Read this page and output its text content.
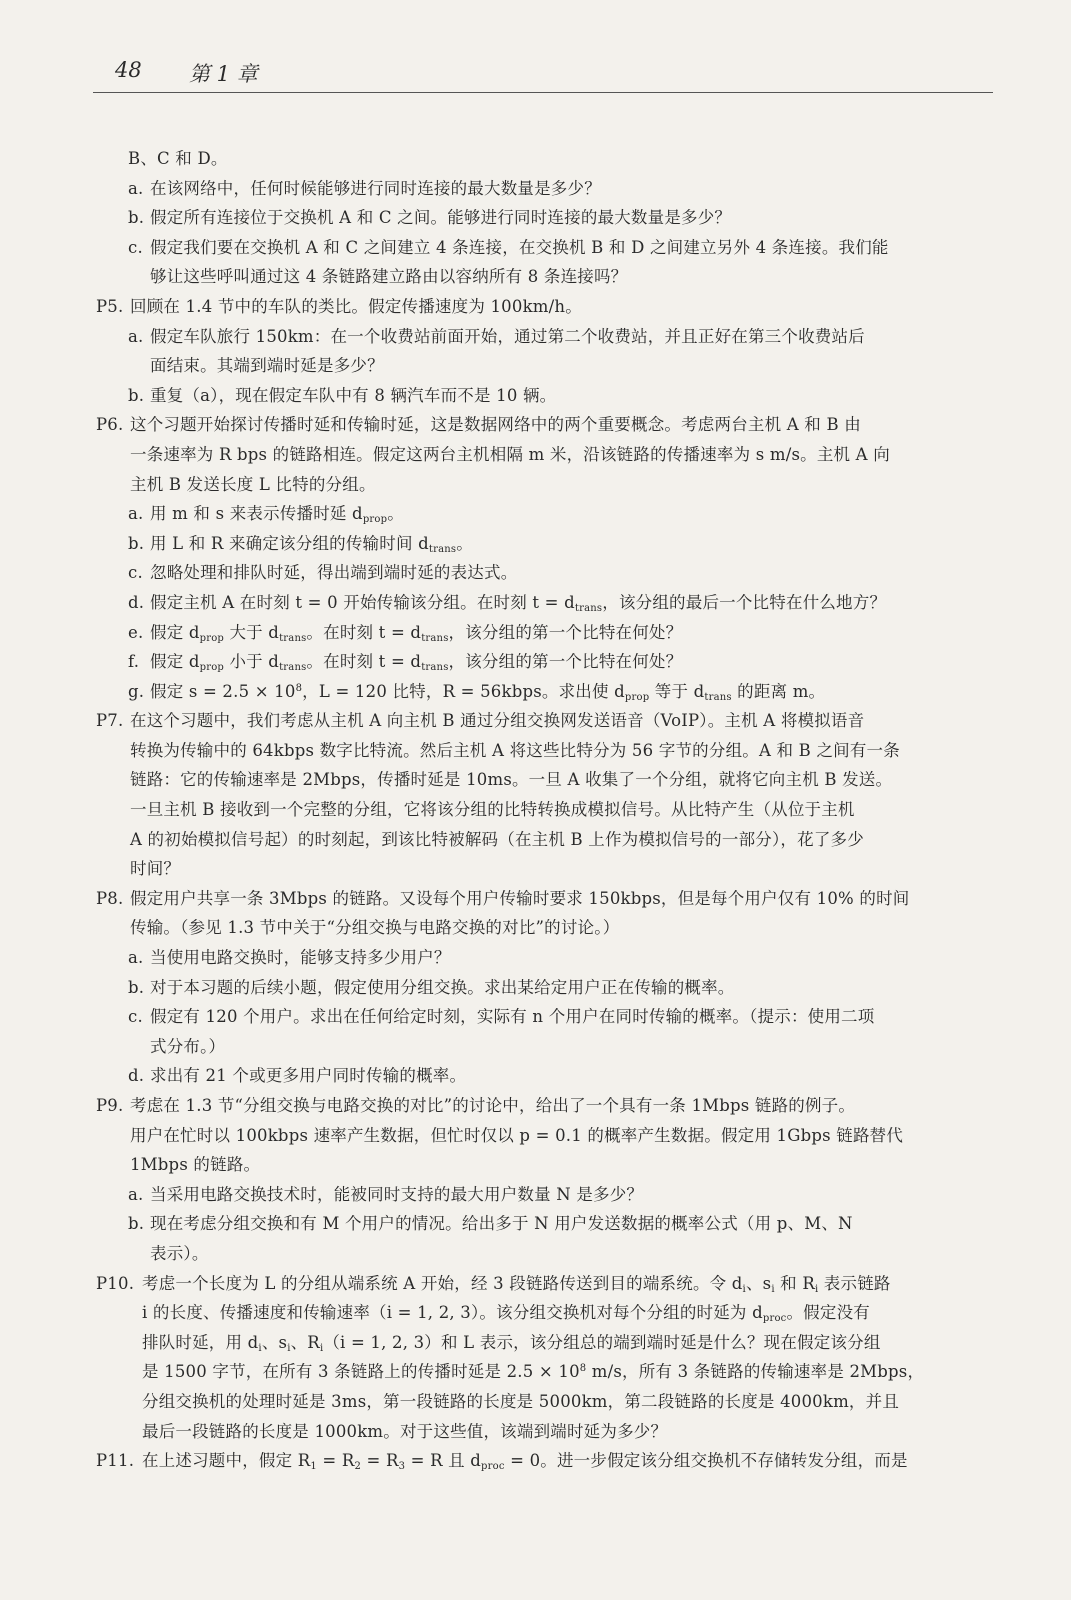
48 第 1 章
B、C 和 D。
a. 在该网络中，任何时候能够进行同时连接的最大数量是多少？
b. 假定所有连接位于交换机 A 和 C 之间。能够进行同时连接的最大数量是多少？
c. 假定我们要在交换机 A 和 C 之间建立 4 条连接，在交换机 B 和 D 之间建立另外 4 条连接。我们能
够让这些呼叫通过这 4 条链路建立路由以容纳所有 8 条连接吗？
P5. 回顾在 1.4 节中的车队的类比。假定传播速度为 100km/h。
a. 假定车队旅行 150km：在一个收费站前面开始，通过第二个收费站，并且正好在第三个收费站后
面结束。其端到端时延是多少？
b. 重复（a），现在假定车队中有 8 辆汽车而不是 10 辆。
P6. 这个习题开始探讨传播时延和传输时延，这是数据网络中的两个重要概念。考虑两台主机 A 和 B 由
一条速率为 R bps 的链路相连。假定这两台主机相隔 m 米，沿该链路的传播速率为 s m/s。主机 A 向
主机 B 发送长度 L 比特的分组。
a. 用 m 和 s 来表示传播时延 $d_{prop}$。
b. 用 L 和 R 来确定该分组的传输时间 $d_{trans}$。
c. 忽略处理和排队时延，得出端到端时延的表达式。
d. 假定主机 A 在时刻 t = 0 开始传输该分组。在时刻 $t = d_{trans}$，该分组的最后一个比特在什么地方？
e. 假定 $d_{prop}$ 大于 $d_{trans}$。在时刻 $t = d_{trans}$，该分组的第一个比特在何处？
f. 假定 $d_{prop}$ 小于 $d_{trans}$。在时刻 $t = d_{trans}$，该分组的第一个比特在何处？
g. 假定 $s = 2.5 \times 10^8$，L = 120 比特，R = 56kbps。求出使 $d_{prop}$ 等于 $d_{trans}$ 的距离 m。
P7. 在这个习题中，我们考虑从主机 A 向主机 B 通过分组交换网发送语音（VoIP）。主机 A 将模拟语音
转换为传输中的 64kbps 数字比特流。然后主机 A 将这些比特分为 56 字节的分组。A 和 B 之间有一条
链路：它的传输速率是 2Mbps，传播时延是 10ms。一旦 A 收集了一个分组，就将它向主机 B 发送。
一旦主机 B 接收到一个完整的分组，它将该分组的比特转换成模拟信号。从比特产生（从位于主机
A 的初始模拟信号起）的时刻起，到该比特被解码（在主机 B 上作为模拟信号的一部分），花了多少
时间？
P8. 假定用户共享一条 3Mbps 的链路。又设每个用户传输时要求 150kbps，但是每个用户仅有 10% 的时间
传输。（参见 1.3 节中关于“分组交换与电路交换的对比”的讨论。）
a. 当使用电路交换时，能够支持多少用户？
b. 对于本习题的后续小题，假定使用分组交换。求出某给定用户正在传输的概率。
c. 假定有 120 个用户。求出在任何给定时刻，实际有 n 个用户在同时传输的概率。（提示：使用二项
式分布。）
d. 求出有 21 个或更多用户同时传输的概率。
P9. 考虑在 1.3 节“分组交换与电路交换的对比”的讨论中，给出了一个具有一条 1Mbps 链路的例子。
用户在忙时以 100kbps 速率产生数据，但忙时仅以 p = 0.1 的概率产生数据。假定用 1Gbps 链路替代
1Mbps 的链路。
a. 当采用电路交换技术时，能被同时支持的最大用户数量 N 是多少？
b. 现在考虑分组交换和有 M 个用户的情况。给出多于 N 用户发送数据的概率公式（用 p、M、N
表示）。
P10. 考虑一个长度为 L 的分组从端系统 A 开始，经 3 段链路传送到目的端系统。令 $d_i$、$s_i$ 和 $R_i$ 表示链路
i 的长度、传播速度和传输速率（i = 1, 2, 3）。该分组交换机对每个分组的时延为 $d_{proc}$。假定没有
排队时延，用 $d_i$、$s_i$、$R_i(i = 1$, 2, 3）和 L 表示，该分组总的端到端时延是什么？现在假定该分组
是 1500 字节，在所有 3 条链路上的传播时延是 $2.5 \times 10^8$ m/s，所有 3 条链路的传输速率是 2Mbps，
分组交换机的处理时延是 3ms，第一段链路的长度是 5000km，第二段链路的长度是 4000km，并且
最后一段链路的长度是 1000km。对于这些值，该端到端时延为多少？
P11. 在上述习题中，假定 $R_1 = R_2 = R_3 = R$ 且 $d_{proc} = 0$。进一步假定该分组交换机不存储转发分组，而是
